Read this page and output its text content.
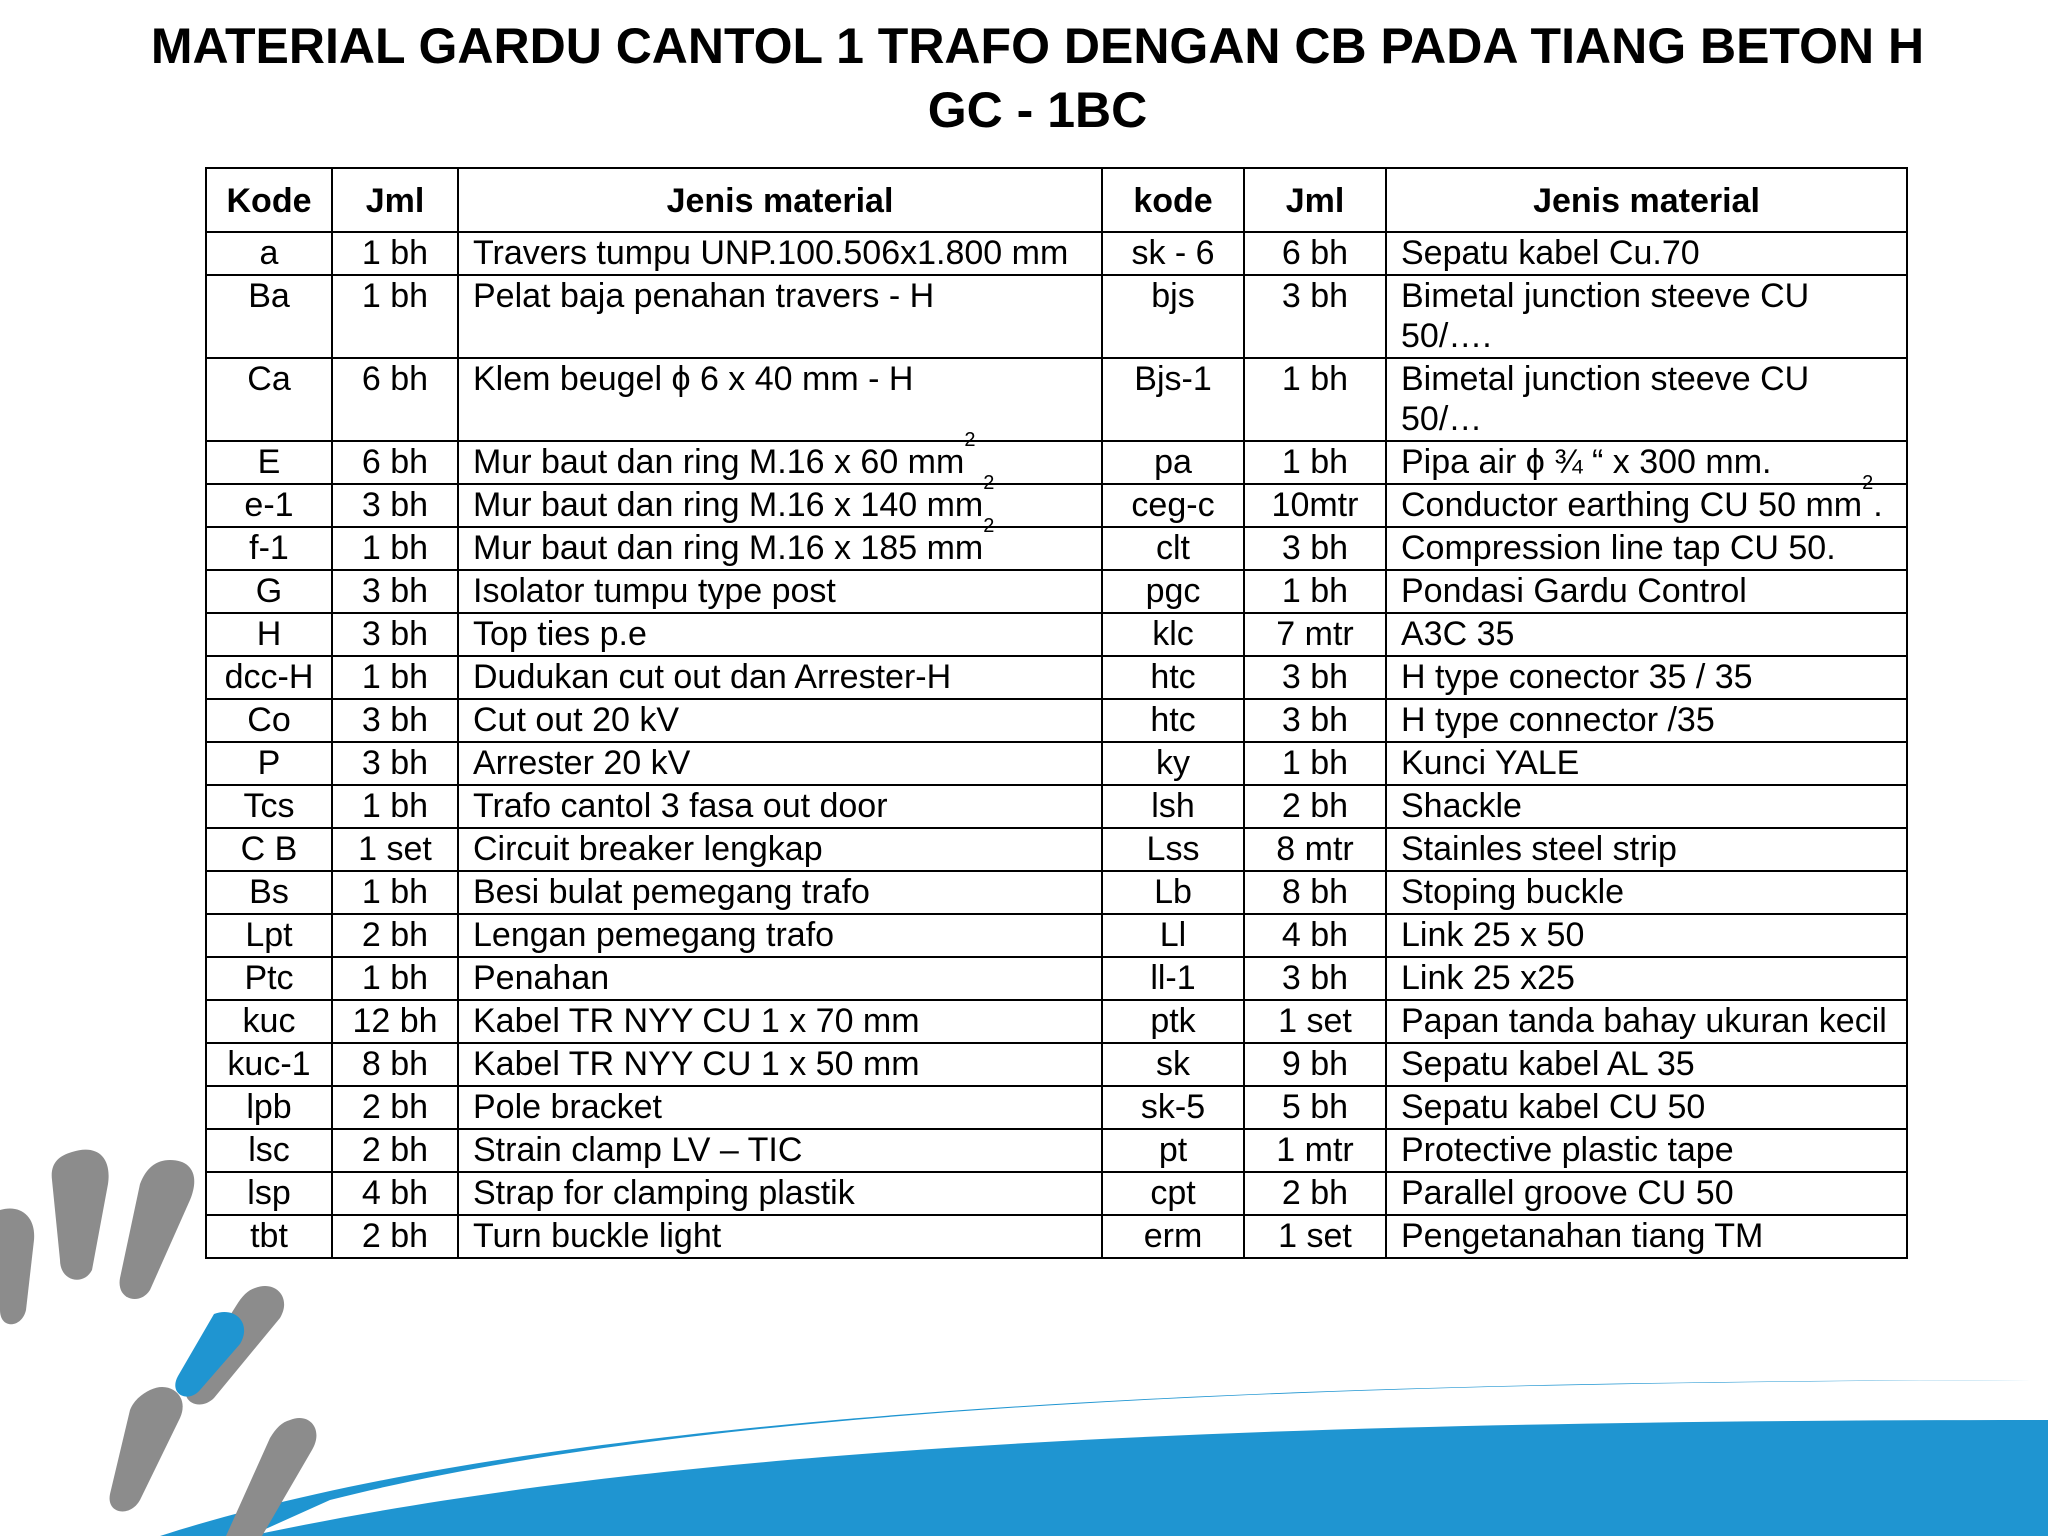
MATERIAL GARDU CANTOL 1 TRAFO DENGAN CB PADA TIANG BETON H
GC - 1BC
Kode	Jml	Jenis material	kode	Jml	Jenis material
a	1 bh	Travers tumpu UNP.100.506x1.800 mm	sk - 6	6 bh	Sepatu kabel Cu.70
Ba	1 bh	Pelat baja penahan travers - H	bjs	3 bh	Bimetal junction steeve CU 50/….
Ca	6 bh	Klem beugel ϕ 6 x 40 mm - H	Bjs-1	1 bh	Bimetal junction steeve CU 50/…
E	6 bh	Mur baut dan ring M.16 x 60 $mm^2$	pa	1 bh	Pipa air ϕ ¾ “ x 300 mm.
e-1	3 bh	Mur baut dan ring M.16 x 140 $mm^2$	ceg-c	10mtr	Conductor earthing CU 50 $mm^2$.
f-1	1 bh	Mur baut dan ring M.16 x 185 $mm^2$	clt	3 bh	Compression line tap CU 50.
G	3 bh	Isolator tumpu type post	pgc	1 bh	Pondasi Gardu Control
H	3 bh	Top ties p.e	klc	7 mtr	A3C 35
dcc-H	1 bh	Dudukan cut out dan Arrester-H	htc	3 bh	H type conector 35 / 35
Co	3 bh	Cut out 20 kV	htc	3 bh	H type connector /35
P	3 bh	Arrester 20 kV	ky	1 bh	Kunci YALE
Tcs	1 bh	Trafo cantol 3 fasa out door	lsh	2 bh	Shackle
C B	1 set	Circuit breaker lengkap	Lss	8 mtr	Stainles steel strip
Bs	1 bh	Besi bulat pemegang trafo	Lb	8 bh	Stoping buckle
Lpt	2 bh	Lengan pemegang trafo	Ll	4 bh	Link 25 x 50
Ptc	1 bh	Penahan	ll-1	3 bh	Link 25 x25
kuc	12 bh	Kabel TR NYY CU 1 x 70 mm	ptk	1 set	Papan tanda bahay ukuran kecil
kuc-1	8 bh	Kabel TR NYY CU 1 x 50 mm	sk	9 bh	Sepatu kabel AL 35
lpb	2 bh	Pole bracket	sk-5	5 bh	Sepatu kabel CU 50
lsc	2 bh	Strain clamp LV – TIC	pt	1 mtr	Protective plastic tape
lsp	4 bh	Strap for clamping plastik	cpt	2 bh	Parallel groove CU 50
tbt	2 bh	Turn buckle light	erm	1 set	Pengetanahan tiang TM
